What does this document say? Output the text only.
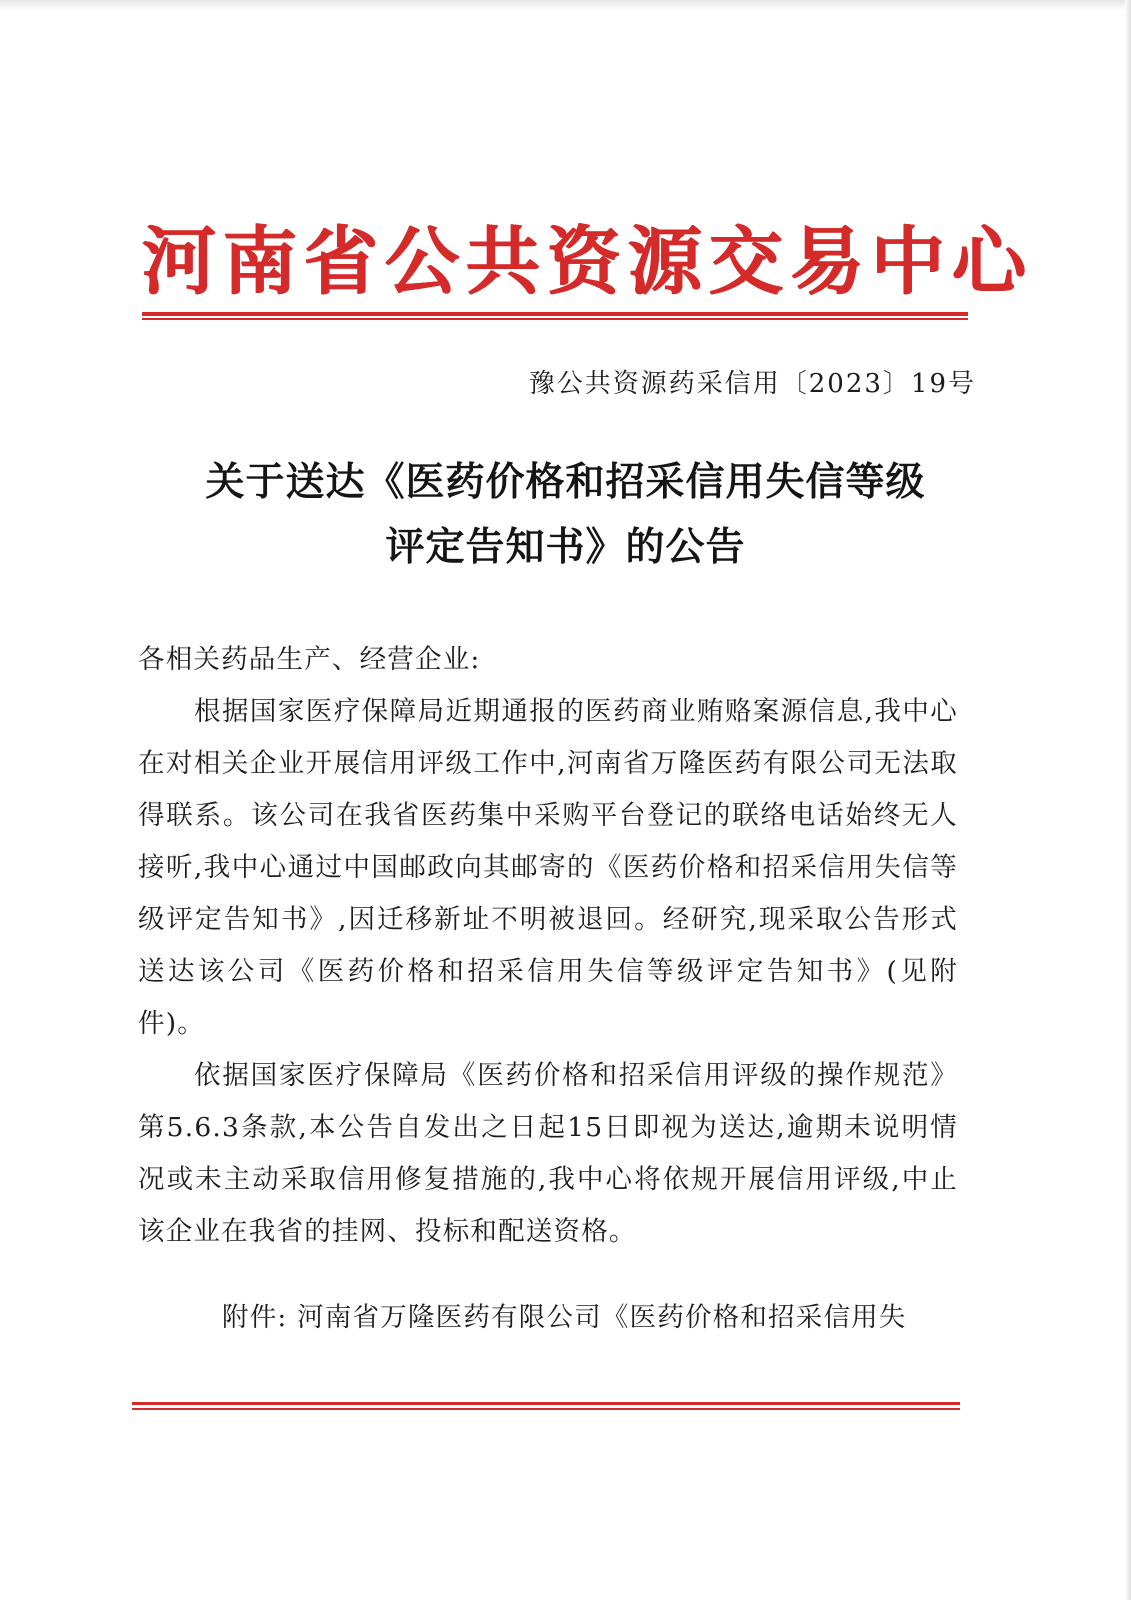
河南省公共资源交易中心
豫公共资源药采信用〔2023〕19号
关于送达《医药价格和招采信用失信等级
评定告知书》的公告
各相关药品生产、经营企业:
根据国家医疗保障局近期通报的医药商业贿赂案源信息,我中心在对相关企业开展信用评级工作中,河南省万隆医药有限公司无法取得联系。该公司在我省医药集中采购平台登记的联络电话始终无人接听,我中心通过中国邮政向其邮寄的《医药价格和招采信用失信等级评定告知书》,因迁移新址不明被退回。经研究,现采取公告形式送达该公司《医药价格和招采信用失信等级评定告知书》(见附件)。
依据国家医疗保障局《医药价格和招采信用评级的操作规范》第5.6.3条款,本公告自发出之日起15日即视为送达,逾期未说明情况或未主动采取信用修复措施的,我中心将依规开展信用评级,中止该企业在我省的挂网、投标和配送资格。
附件: 河南省万隆医药有限公司《医药价格和招采信用失
